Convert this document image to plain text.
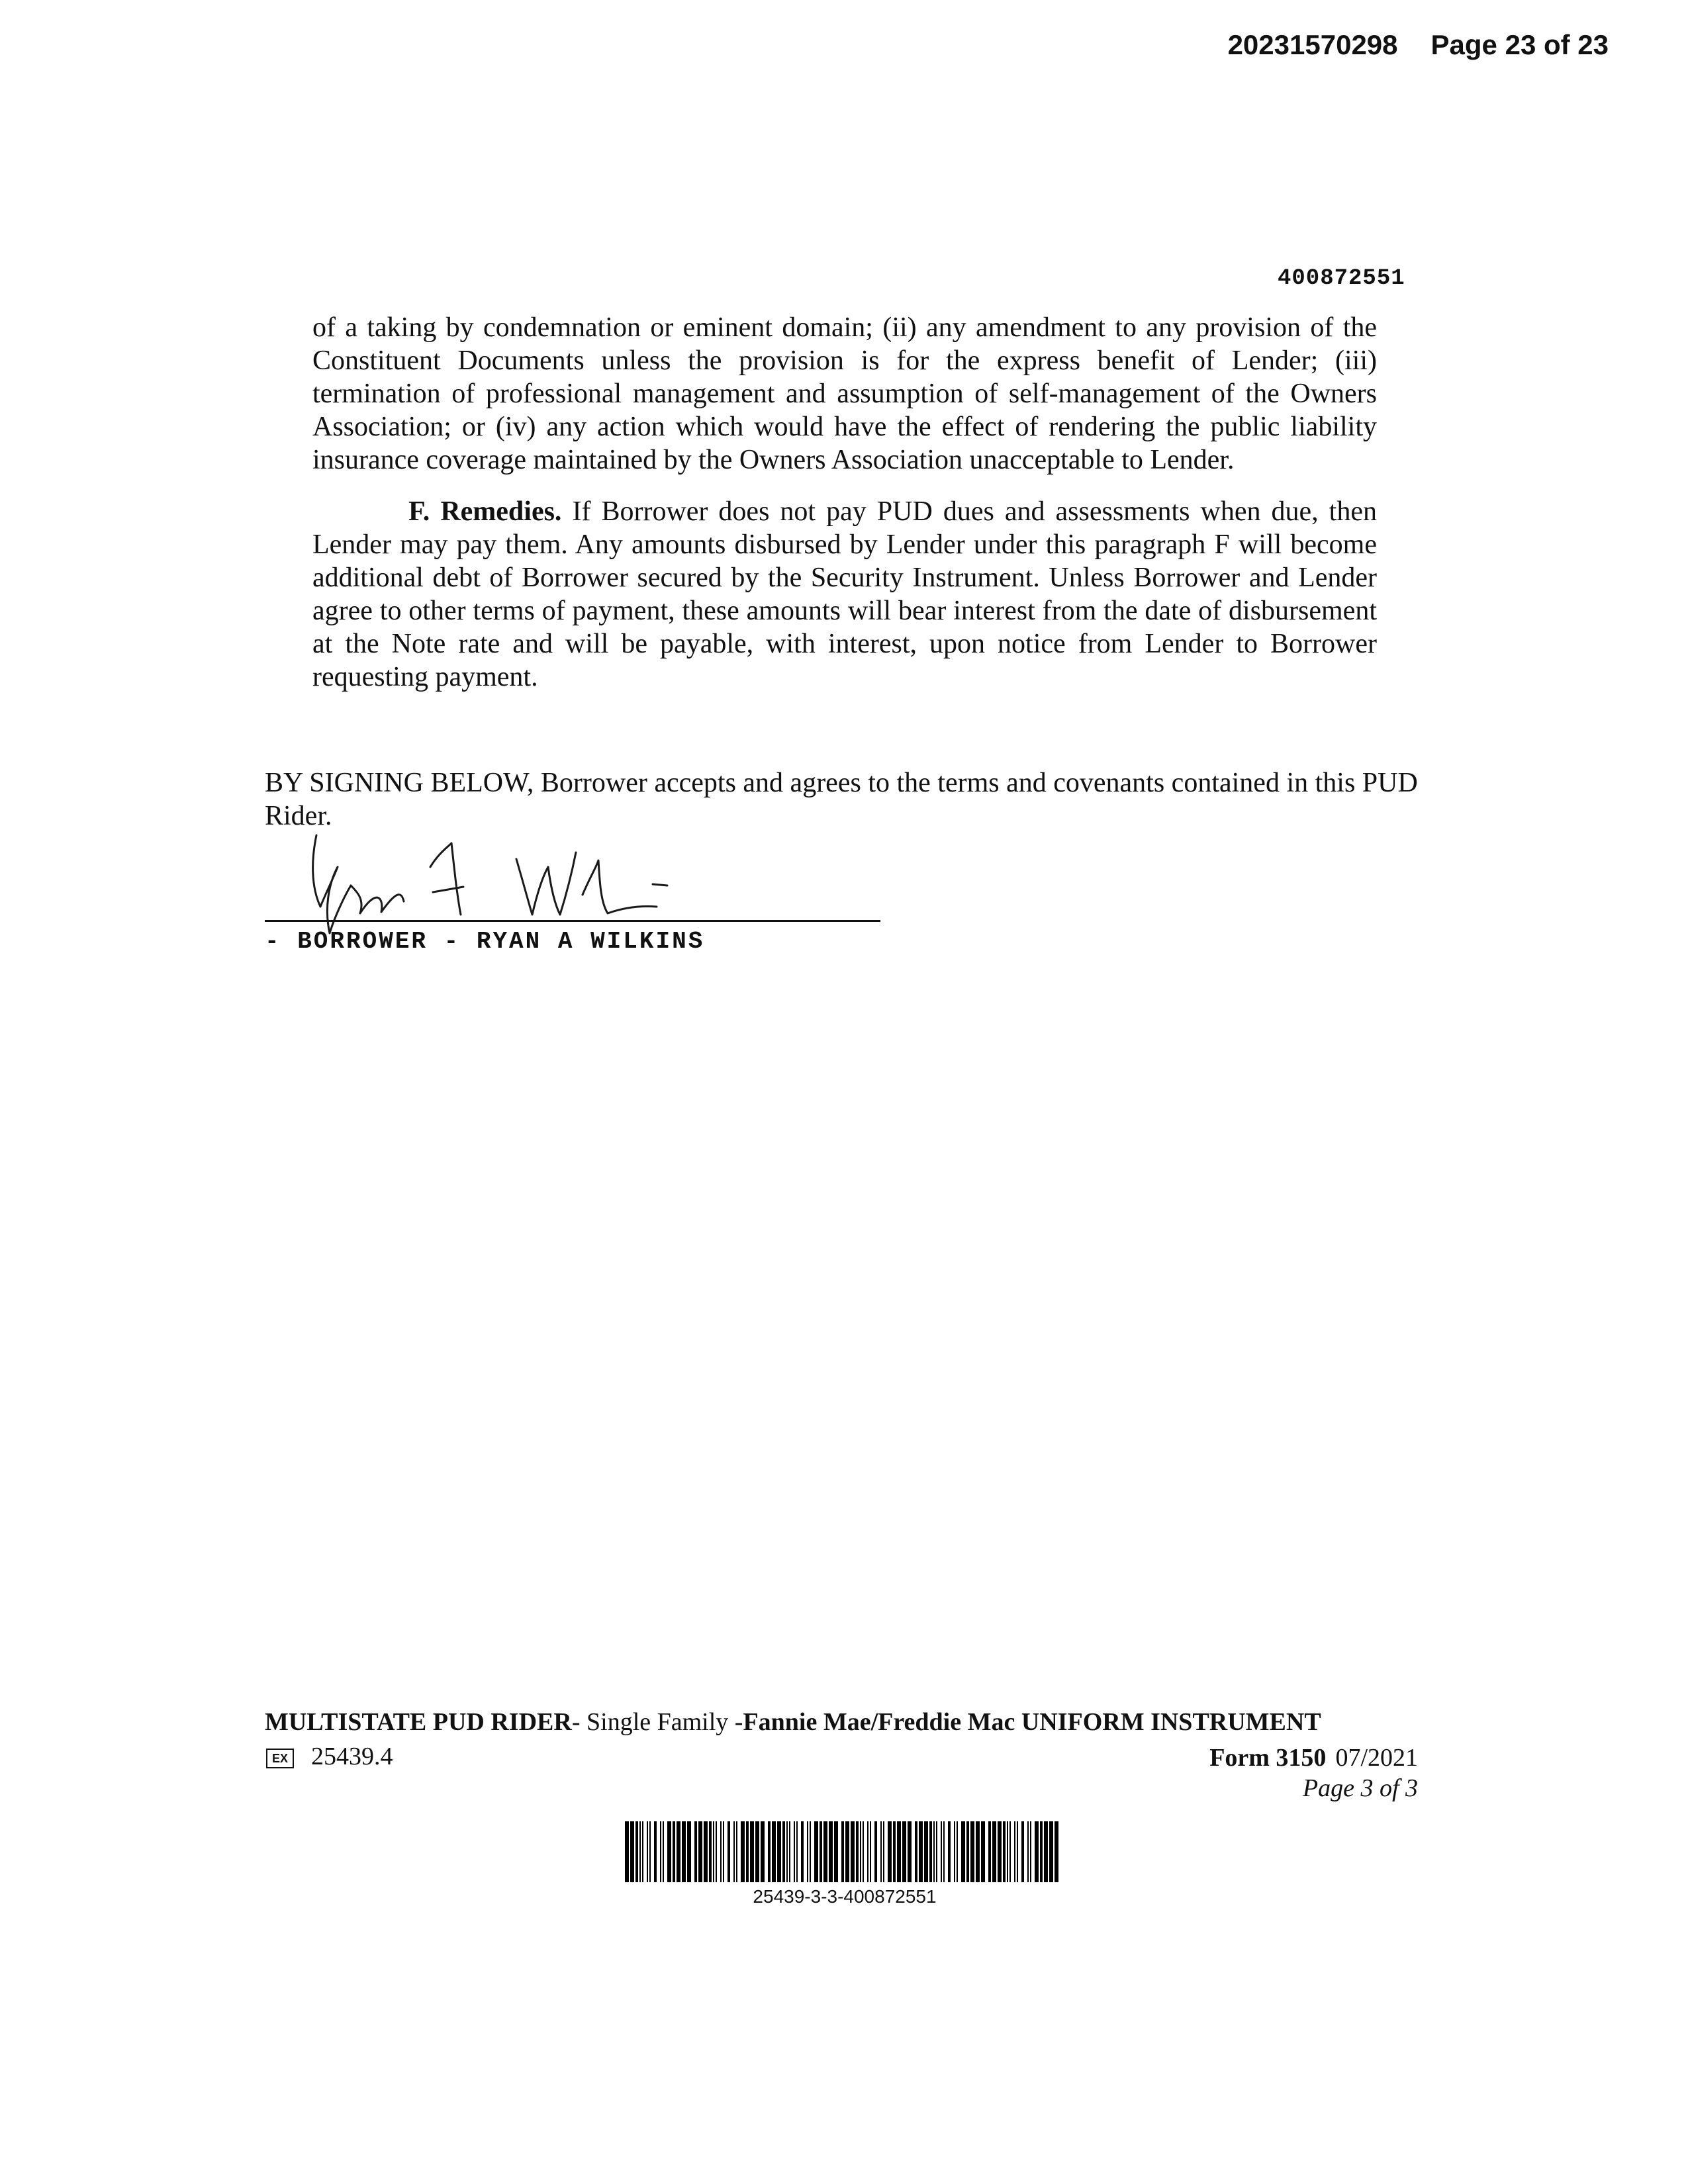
20231570298 Page 23 of 23
400872551

of a taking by condemnation or eminent domain; (ii) any amendment to any provision of the Constituent Documents unless the provision is for the express benefit of Lender; (iii) termination of professional management and assumption of self-management of the Owners Association; or (iv) any action which would have the effect of rendering the public liability insurance coverage maintained by the Owners Association unacceptable to Lender.

F. Remedies. If Borrower does not pay PUD dues and assessments when due, then Lender may pay them. Any amounts disbursed by Lender under this paragraph F will become additional debt of Borrower secured by the Security Instrument. Unless Borrower and Lender agree to other terms of payment, these amounts will bear interest from the date of disbursement at the Note rate and will be payable, with interest, upon notice from Lender to Borrower requesting payment.

BY SIGNING BELOW, Borrower accepts and agrees to the terms and covenants contained in this PUD Rider.

- BORROWER - RYAN A WILKINS
MULTISTATE PUD RIDER- Single Family -Fannie Mae/Freddie Mac UNIFORM INSTRUMENT
EX 25439.4	Form 3150 07/2021
Page 3 of 3
25439-3-3-400872551
